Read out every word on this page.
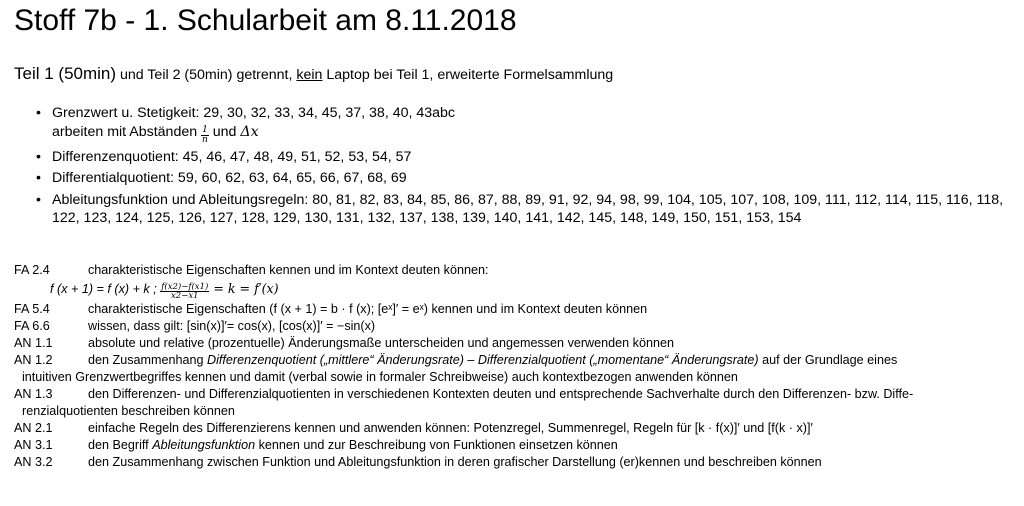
Stoff 7b - 1. Schularbeit am 8.11.2018
Teil 1 (50min) und Teil 2 (50min) getrennt, kein Laptop bei Teil 1, erweiterte Formelsammlung
• Grenzwert u. Stetigkeit: 29, 30, 32, 33, 34, 45, 37, 38, 40, 43abc
arbeiten mit Abständen $\frac{1}{n}$ und Δx
• Differenzenquotient: 45, 46, 47, 48, 49, 51, 52, 53, 54, 57
• Differentialquotient: 59, 60, 62, 63, 64, 65, 66, 67, 68, 69
• Ableitungsfunktion und Ableitungsregeln: 80, 81, 82, 83, 84, 85, 86, 87, 88, 89, 91, 92, 94, 98, 99, 104, 105, 107, 108, 109, 111, 112, 114, 115, 116, 118, 122, 123, 124, 125, 126, 127, 128, 129, 130, 131, 132, 137, 138, 139, 140, 141, 142, 145, 148, 149, 150, 151, 153, 154
FA 2.4	charakteristische Eigenschaften kennen und im Kontext deuten können:
f (x + 1) = f (x) + k ; $\frac{f(x2)-f(x1)}{x2-x1} = k = f'(x)$
FA 5.4	charakteristische Eigenschaften (f (x + 1) = b · f (x); [eˣ]′ = eˣ) kennen und im Kontext deuten können
FA 6.6	wissen, dass gilt: [sin(x)]′= cos(x), [cos(x)]′ = −sin(x)
AN 1.1	absolute und relative (prozentuelle) Änderungsmaße unterscheiden und angemessen verwenden können
AN 1.2	den Zusammenhang Differenzenquotient („mittlere“ Änderungsrate) – Differenzialquotient („momentane“ Änderungsrate) auf der Grundlage eines
intuitiven Grenzwertbegriffes kennen und damit (verbal sowie in formaler Schreibweise) auch kontextbezogen anwenden können
AN 1.3	den Differenzen- und Differenzialquotienten in verschiedenen Kontexten deuten und entsprechende Sachverhalte durch den Differenzen- bzw. Diffe-
renzialquotienten beschreiben können
AN 2.1	einfache Regeln des Differenzierens kennen und anwenden können: Potenzregel, Summenregel, Regeln für [k · f(x)]′ und [f(k · x)]′
AN 3.1	den Begriff Ableitungsfunktion kennen und zur Beschreibung von Funktionen einsetzen können
AN 3.2	den Zusammenhang zwischen Funktion und Ableitungsfunktion in deren grafischer Darstellung (er)kennen und beschreiben können
